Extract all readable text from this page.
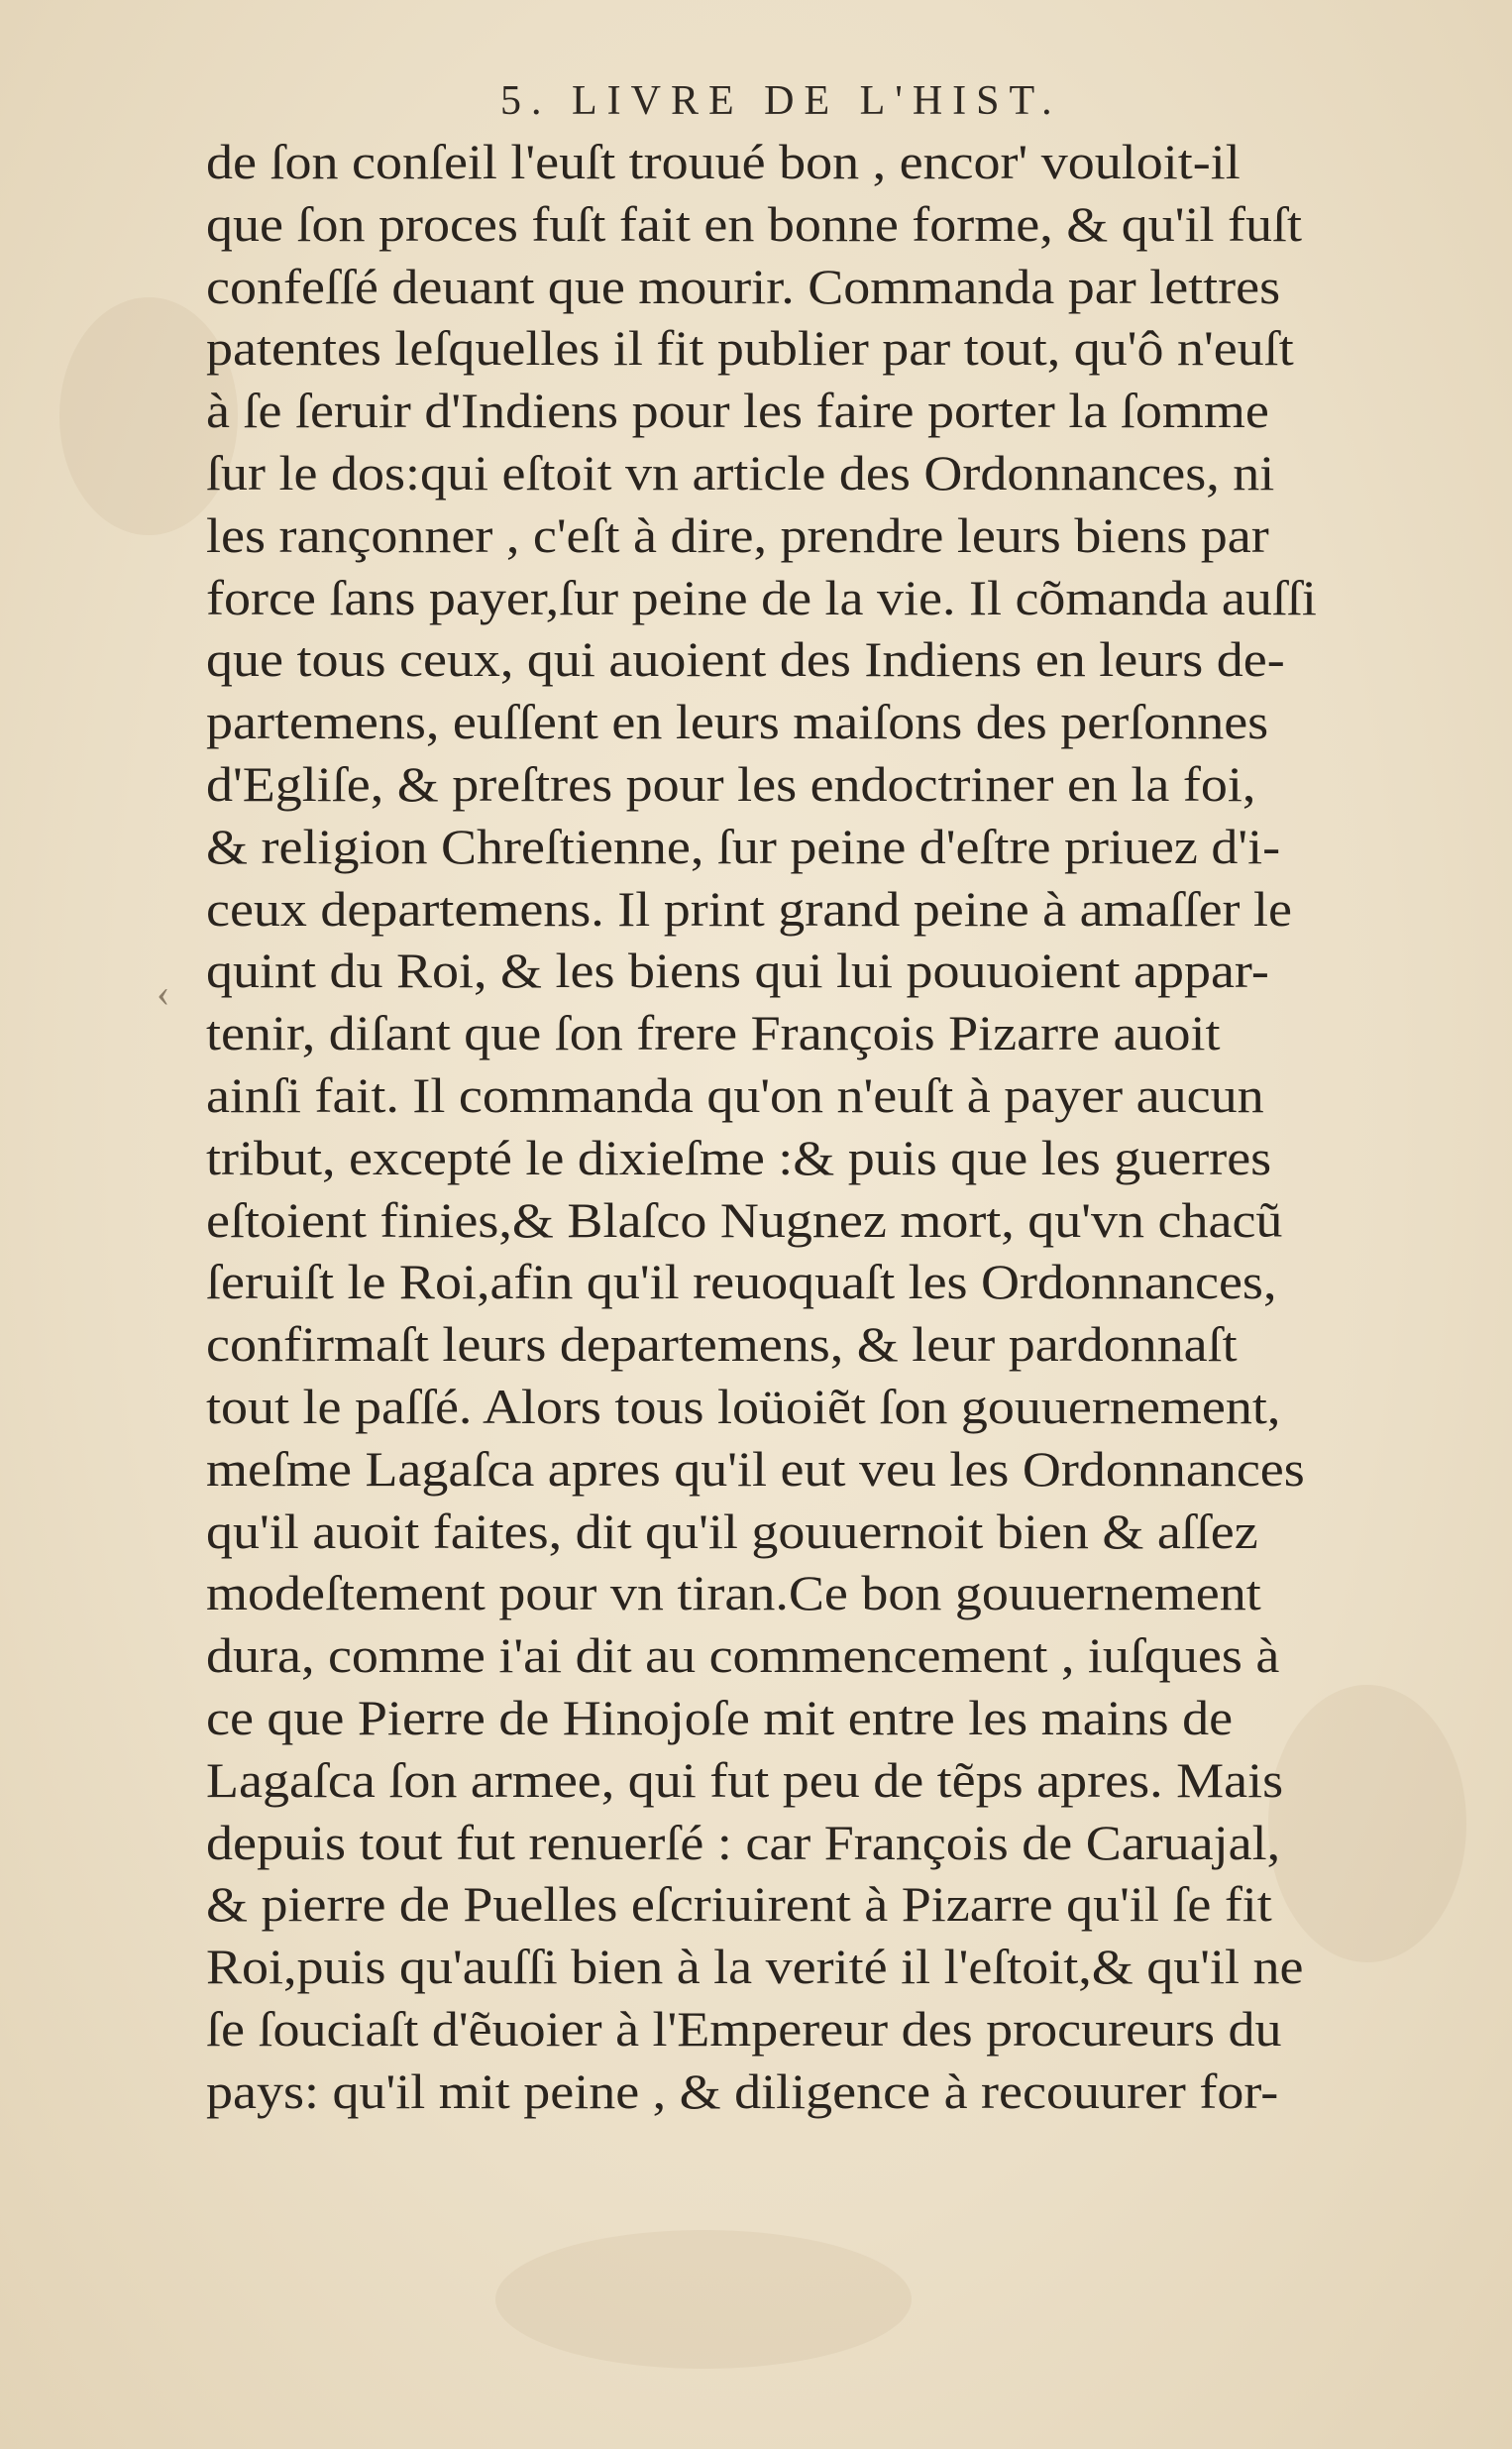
5. LIVRE DE L'HIST.
‹
de ſon conſeil l'euſt trouué bon , encor' vouloit-il
que ſon proces fuſt fait en bonne forme, & qu'il fuſt
confeſſé deuant que mourir. Commanda par lettres
patentes leſquelles il fit publier par tout, qu'ô n'euſt
à ſe ſeruir d'Indiens pour les faire porter la ſomme
ſur le dos:qui eſtoit vn article des Ordonnances, ni
les rançonner , c'eſt à dire, prendre leurs biens par
force ſans payer,ſur peine de la vie. Il cõmanda auſſi
que tous ceux, qui auoient des Indiens en leurs de-
partemens, euſſent en leurs maiſons des perſonnes
d'Egliſe, & preſtres pour les endoctriner en la foi,
& religion Chreſtienne, ſur peine d'eſtre priuez d'i-
ceux departemens. Il print grand peine à amaſſer le
quint du Roi, & les biens qui lui pouuoient appar-
tenir, diſant que ſon frere François Pizarre auoit
ainſi fait. Il commanda qu'on n'euſt à payer aucun
tribut, excepté le dixieſme :& puis que les guerres
eſtoient finies,& Blaſco Nugnez mort, qu'vn chacũ
ſeruiſt le Roi,afin qu'il reuoquaſt les Ordonnances,
confirmaſt leurs departemens, & leur pardonnaſt
tout le paſſé. Alors tous loüoiẽt ſon gouuernement,
meſme Lagaſca apres qu'il eut veu les Ordonnances
qu'il auoit faites, dit qu'il gouuernoit bien & aſſez
modeſtement pour vn tiran.Ce bon gouuernement
dura, comme i'ai dit au commencement , iuſques à
ce que Pierre de Hinojoſe mit entre les mains de
Lagaſca ſon armee, qui fut peu de tẽps apres. Mais
depuis tout fut renuerſé : car François de Caruajal,
& pierre de Puelles eſcriuirent à Pizarre qu'il ſe fit
Roi,puis qu'auſſi bien à la verité il l'eſtoit,& qu'il ne
ſe ſouciaſt d'ẽuoier à l'Empereur des procureurs du
pays: qu'il mit peine , & diligence à recouurer for-
